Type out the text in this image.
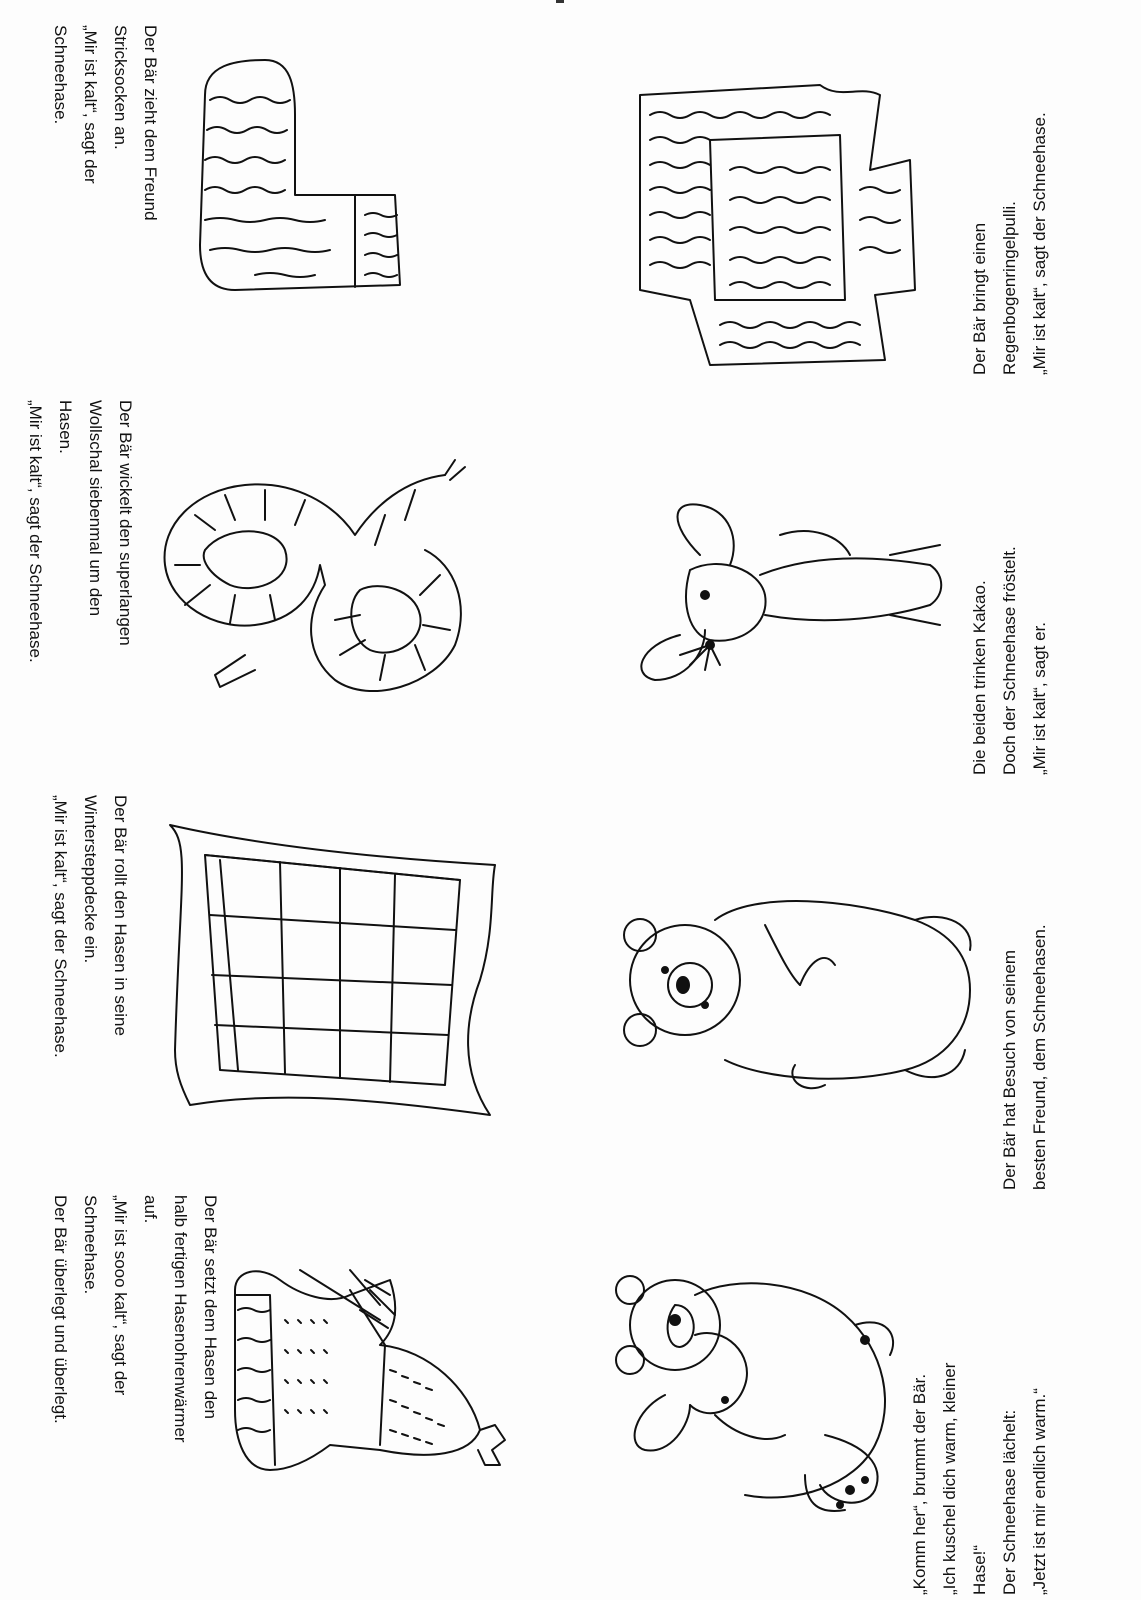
Der Bär hat Besuch von seinem
besten Freund, dem Schneehasen.
Die beiden trinken Kakao.
Doch der Schneehase fröstelt.
„Mir ist kalt“, sagt er.
Der Bär bringt einen
Regenbogenringelpulli.
„Mir ist kalt“, sagt der Schneehase.
„Komm her“, brummt der Bär.
„Ich kuschel dich warm, kleiner
Hase!“
Der Schneehase lächelt:
„Jetzt ist mir endlich warm.“
Der Bär zieht dem Freund
Stricksocken an.
„Mir ist kalt“, sagt der
Schneehase.
Der Bär wickelt den superlangen
Wollschal siebenmal um den
Hasen.
„Mir ist kalt“, sagt der Schneehase.
Der Bär rollt den Hasen in seine
Wintersteppdecke ein.
„Mir ist kalt“, sagt der Schneehase.
Der Bär setzt dem Hasen den
halb fertigen Hasenohrenwärmer
auf.
„Mir ist sooo kalt“, sagt der
Schneehase.
Der Bär überlegt und überlegt.
